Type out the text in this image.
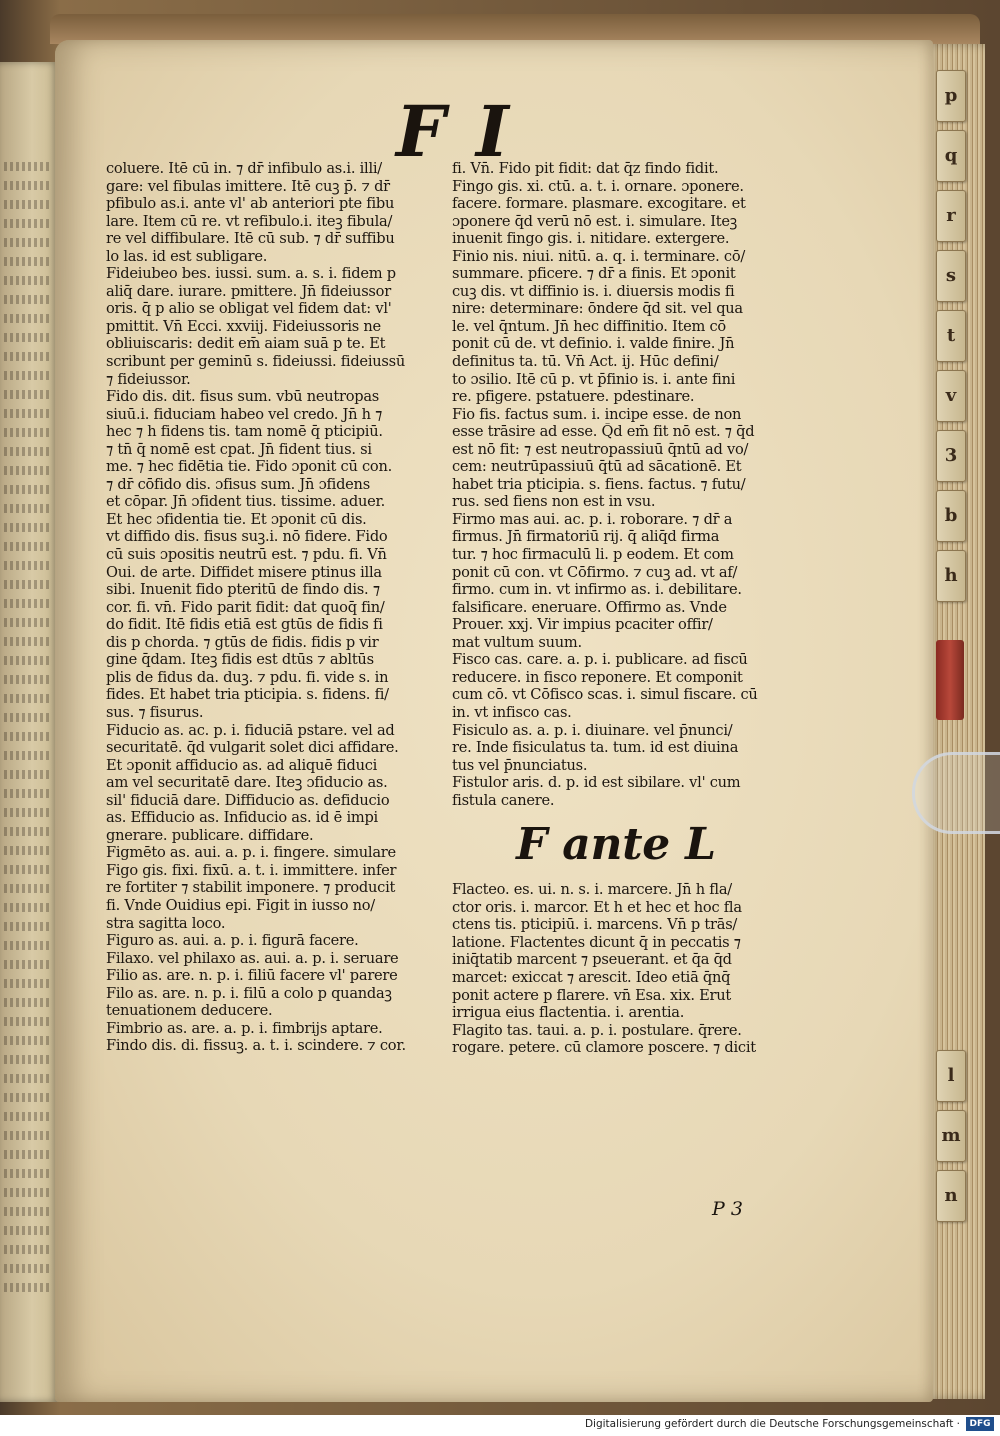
p
q
r
s
t
v
3
b
h
l
m
n
F I
coluere. Itē cū in. ⁊ dr̄ infibulo as.i. illi/
gare: vel fibulas imittere. Itē cuꝫ p̄. ⁊ dr̄
pfibulo as.i. ante vl' ab anteriori pte fibu
lare. Item cū re. vt refibulo.i. iteꝫ fibula/
re vel diffibulare. Itē cū sub. ⁊ dr̄ suffibu
lo las. id est subligare.
Fideiubeo bes. iussi. sum. a. s. i. fidem p
aliq̄ dare. iurare. pmittere. Jn̄ fideiussor
oris. q̄ p alio se obligat vel fidem dat: vl'
pmittit. Vn̄ Ecci. xxviij. Fideiussoris ne
obliuiscaris: dedit em̄ aiam suā p te. Et
scribunt per geminū s. fideiussi. fideiussū
⁊ fideiussor.
Fido dis. dit. fisus sum. vbū neutropas
siuū.i. fiduciam habeo vel credo. Jn̄ h̄ ⁊
hec ⁊ h̄ fidens tis. tam nomē q̄ pticipiū.
⁊ tn̄ q̄ nomē est cpat. Jn̄ fident tius. si
me. ⁊ hec fidētia tie. Fido ɔponit cū con.
⁊ dr̄ cōfido dis. ɔfisus sum. Jn̄ ɔfidens
et cōpar. Jn̄ ɔfident tius. tissime. aduer.
Et hec ɔfidentia tie. Et ɔponit cū dis.
vt diffido dis. fisus suꝫ.i. nō fidere. Fido
cū suis ɔpositis neutrū est. ⁊ pdu. fi. Vn̄
Oui. de arte. Diffidet misere ptinus illa
sibi. Inuenit fido pteritū de findo dis. ⁊
cor. fi. vn̄. Fido parit fidit: dat quoq̄ fin/
do fidit. Itē fidis etiā est gtūs de fidis fi
dis p chorda. ⁊ gtūs de fidis. fidis p vir
gine q̄dam. Iteꝫ fidis est dtūs ⁊ abltūs
plis de fidus da. duꝫ. ⁊ pdu. fi. vide s. in
fides. Et habet tria pticipia. s. fidens. fi/
sus. ⁊ fisurus.
Fiducio as. ac. p. i. fiduciā pstare. vel ad
securitatē. q̄d vulgarit solet dici affidare.
Et ɔponit affiducio as. ad aliquē fiduci
am vel securitatē dare. Iteꝫ ɔfiducio as.
sil' fiduciā dare. Diffiducio as. defiducio
as. Effiducio as. Infiducio as. id ē impi
gnerare. publicare. diffidare.
Figmēto as. aui. a. p. i. fingere. simulare
Figo gis. fixi. fixū. a. t. i. immittere. infer
re fortiter ⁊ stabilit imponere. ⁊ producit
fi. Vnde Ouidius epi. Figit in iusso no/
stra sagitta loco.
Figuro as. aui. a. p. i. figurā facere.
Filaxo. vel philaxo as. aui. a. p. i. seruare
Filio as. are. n. p. i. filiū facere vl' parere
Filo as. are. n. p. i. filū a colo p quandaꝫ
tenuationem deducere.
Fimbrio as. are. a. p. i. fimbrijs aptare.
Findo dis. di. fissuꝫ. a. t. i. scindere. ⁊ cor.
fi. Vn̄. Fido pit fidit: dat q̄z findo fidit.
Fingo gis. xi. ctū. a. t. i. ornare. ɔponere.
facere. formare. plasmare. excogitare. et
ɔponere q̄d verū nō est. i. simulare. Iteꝫ
inuenit fingo gis. i. nitidare. extergere.
Finio nis. niui. nitū. a. q. i. terminare. cō/
summare. pficere. ⁊ dr̄ a finis. Et ɔponit
cuꝫ dis. vt diffinio is. i. diuersis modis fi
nire: determinare: ōndere q̄d sit. vel qua
le. vel q̄ntum. Jn̄ hec diffinitio. Item cō
ponit cū de. vt definio. i. valde finire. Jn̄
definitus ta. tū. Vn̄ Act. ij. Hūc defini/
to ɔsilio. Itē cū p. vt p̄finio is. i. ante fini
re. pfigere. pstatuere. pdestinare.
Fio fis. factus sum. i. incipe esse. de non
esse trāsire ad esse. Q̄d em̄ fit nō est. ⁊ q̄d
est nō fit: ⁊ est neutropassiuū q̄ntū ad vo/
cem: neutrūpassiuū q̄tū ad sācationē. Et
habet tria pticipia. s. fiens. factus. ⁊ futu/
rus. sed fiens non est in vsu.
Firmo mas aui. ac. p. i. roborare. ⁊ dr̄ a
firmus. Jn̄ firmatoriū rij. q̄ aliq̄d firma
tur. ⁊ hoc firmaculū li. p eodem. Et com
ponit cū con. vt Cōfirmo. ⁊ cuꝫ ad. vt af/
firmo. cum in. vt infirmo as. i. debilitare.
falsificare. eneruare. Offirmo as. Vnde
Prouer. xxj. Vir impius pcaciter offir/
mat vultum suum.
Fisco cas. care. a. p. i. publicare. ad fiscū
reducere. in fisco reponere. Et componit
cum cō. vt Cōfisco scas. i. simul fiscare. cū
in. vt infisco cas.
Fisiculo as. a. p. i. diuinare. vel p̄nunci/
re. Inde fisiculatus ta. tum. id est diuina
tus vel p̄nunciatus.
Fistulor aris. d. p. id est sibilare. vl' cum
fistula canere.
F ante L
Flacteo. es. ui. n. s. i. marcere. Jn̄ h̄ fla/
ctor oris. i. marcor. Et h̄ et hec et hoc fla
ctens tis. pticipiū. i. marcens. Vn̄ p trās/
latione. Flactentes dicunt q̄ in peccatis ⁊
iniq̄tatib marcent ⁊ pseuerant. et q̄a q̄d
marcet: exiccat ⁊ arescit. Ideo etiā q̄nq̄
ponit actere p flarere. vn̄ Esa. xix. Erut
irrigua eius flactentia. i. arentia.
Flagito tas. taui. a. p. i. postulare. q̄rere.
rogare. petere. cū clamore poscere. ⁊ dicit
P 3
Digitalisierung gefördert durch die Deutsche Forschungsgemeinschaft ·	DFG
